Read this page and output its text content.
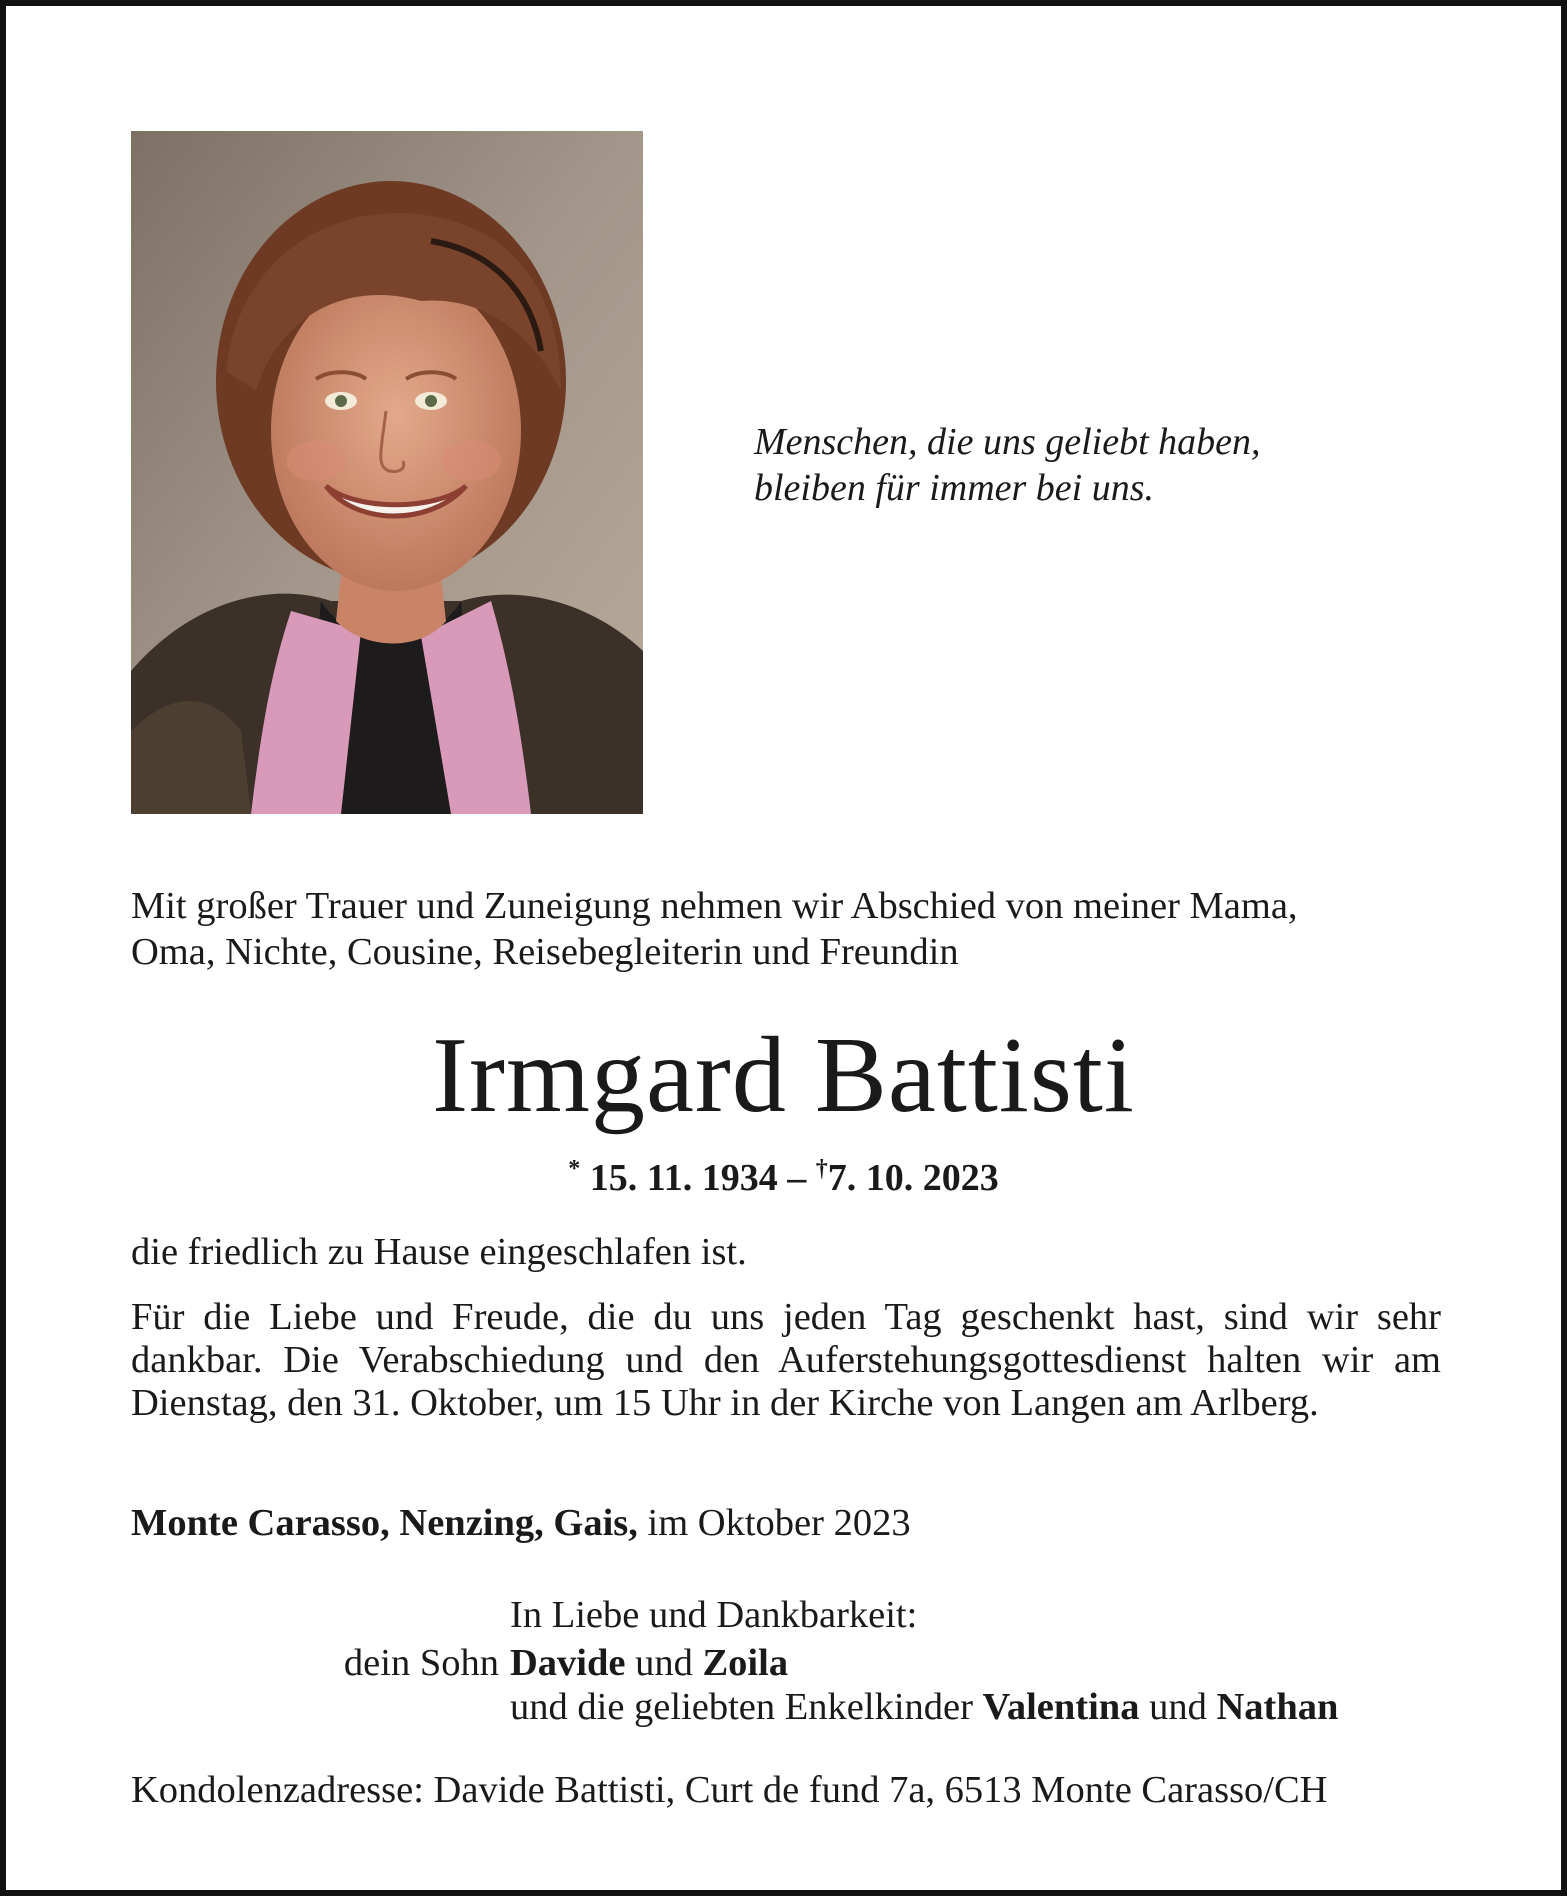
Menschen, die uns geliebt haben,
bleiben für immer bei uns.
Mit großer Trauer und Zuneigung nehmen wir Abschied von meiner Mama,
Oma, Nichte, Cousine, Reisebegleiterin und Freundin
Irmgard Battisti
* 15. 11. 1934 – †7. 10. 2023
die friedlich zu Hause eingeschlafen ist.
Für die Liebe und Freude, die du uns jeden Tag geschenkt hast, sind wir sehr dankbar. Die Verabschiedung und den Auferstehungsgottesdienst halten wir am Dienstag, den 31. Oktober, um 15 Uhr in der Kirche von Langen am Arlberg.
Monte Carasso, Nenzing, Gais, im Oktober 2023
In Liebe und Dankbarkeit:
dein Sohn Davide und Zoila
und die geliebten Enkelkinder Valentina und Nathan
Kondolenzadresse: Davide Battisti, Curt de fund 7a, 6513 Monte Carasso/CH
